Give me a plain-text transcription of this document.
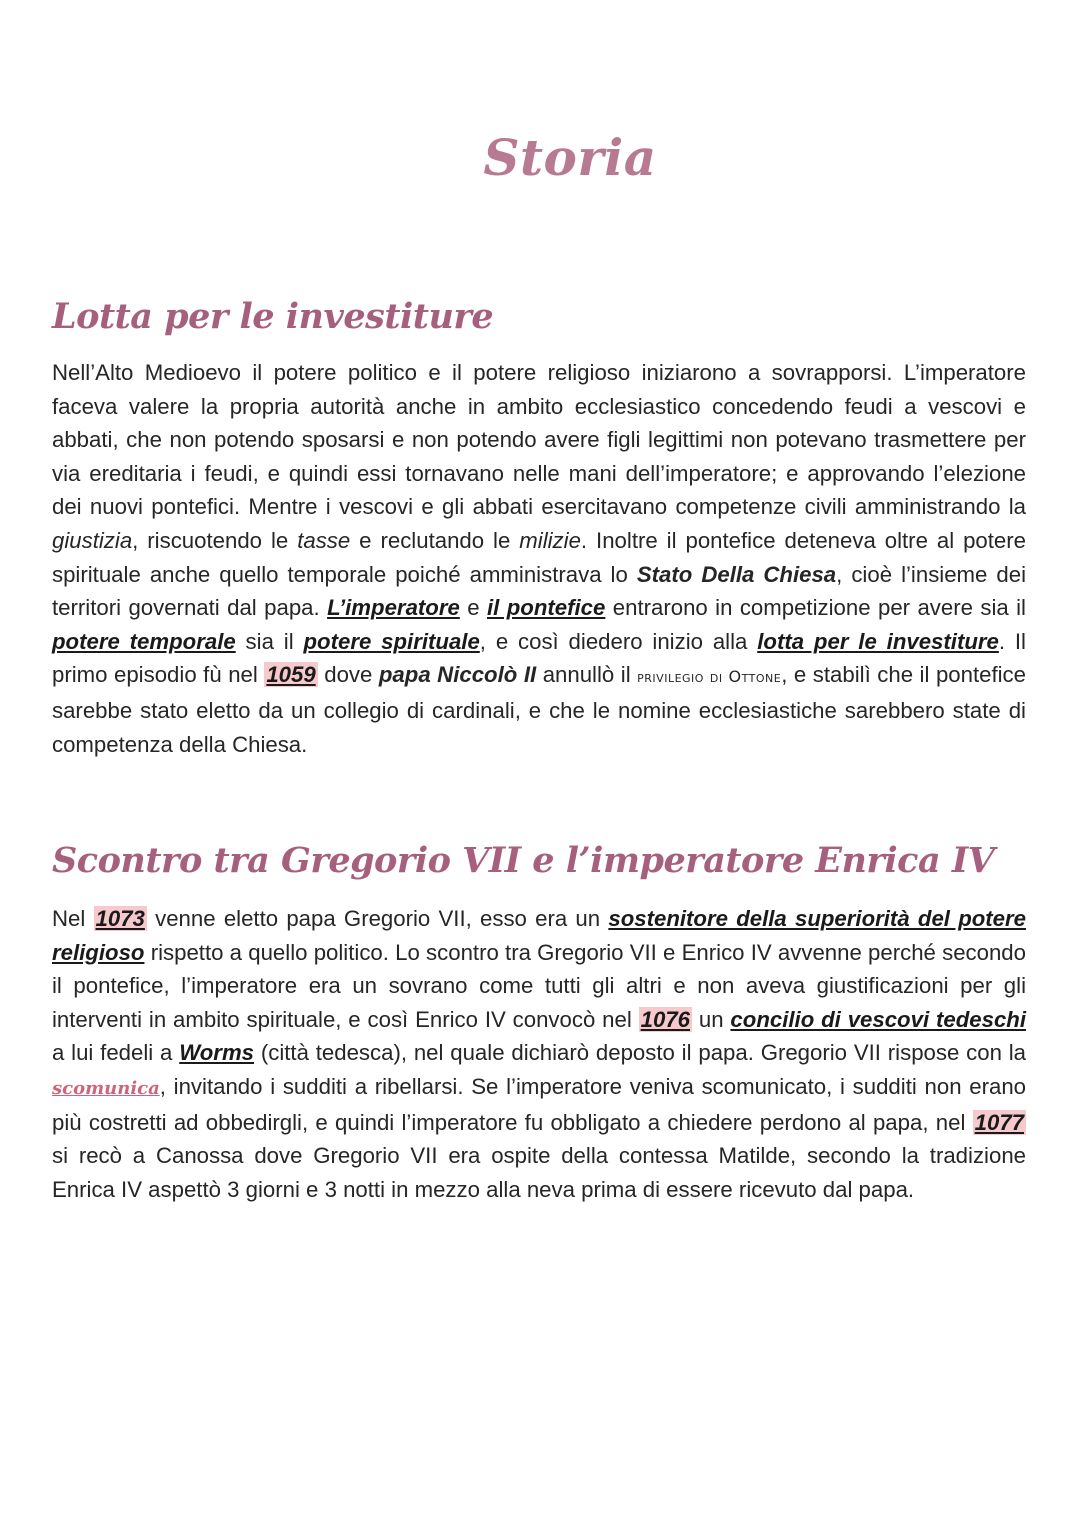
Storia
Lotta per le investiture

Nell’Alto Medioevo il potere politico e il potere religioso iniziarono a sovrapporsi. L’imperatore faceva valere la propria autorità anche in ambito ecclesiastico concedendo feudi a vescovi e abbati, che non potendo sposarsi e non potendo avere figli legittimi non potevano trasmettere per via ereditaria i feudi, e quindi essi tornavano nelle mani dell’imperatore; e approvando l’elezione dei nuovi pontefici. Mentre i vescovi e gli abbati esercitavano competenze civili amministrando la giustizia, riscuotendo le tasse e reclutando le milizie. Inoltre il pontefice deteneva oltre al potere spirituale anche quello temporale poiché amministrava lo Stato Della Chiesa, cioè l’insieme dei territori governati dal papa. L’imperatore e il pontefice entrarono in competizione per avere sia il potere temporale sia il potere spirituale, e così diedero inizio alla lotta per le investiture. Il primo episodio fù nel 1059 dove papa Niccolò II annullò il privilegio di Ottone, e stabilì che il pontefice sarebbe stato eletto da un collegio di cardinali, e che le nomine ecclesiastiche sarebbero state di competenza della Chiesa.

Scontro tra Gregorio VII e l’imperatore Enrica IV

Nel 1073 venne eletto papa Gregorio VII, esso era un sostenitore della superiorità del potere religioso rispetto a quello politico. Lo scontro tra Gregorio VII e Enrico IV avvenne perché secondo il pontefice, l’imperatore era un sovrano come tutti gli altri e non aveva giustificazioni per gli interventi in ambito spirituale, e così Enrico IV convocò nel 1076 un concilio di vescovi tedeschi a lui fedeli a Worms (città tedesca), nel quale dichiarò deposto il papa. Gregorio VII rispose con la scomunica, invitando i sudditi a ribellarsi. Se l’imperatore veniva scomunicato, i sudditi non erano più costretti ad obbedirgli, e quindi l’imperatore fu obbligato a chiedere perdono al papa, nel 1077 si recò a Canossa dove Gregorio VII era ospite della contessa Matilde, secondo la tradizione Enrica IV aspettò 3 giorni e 3 notti in mezzo alla neva prima di essere ricevuto dal papa.
